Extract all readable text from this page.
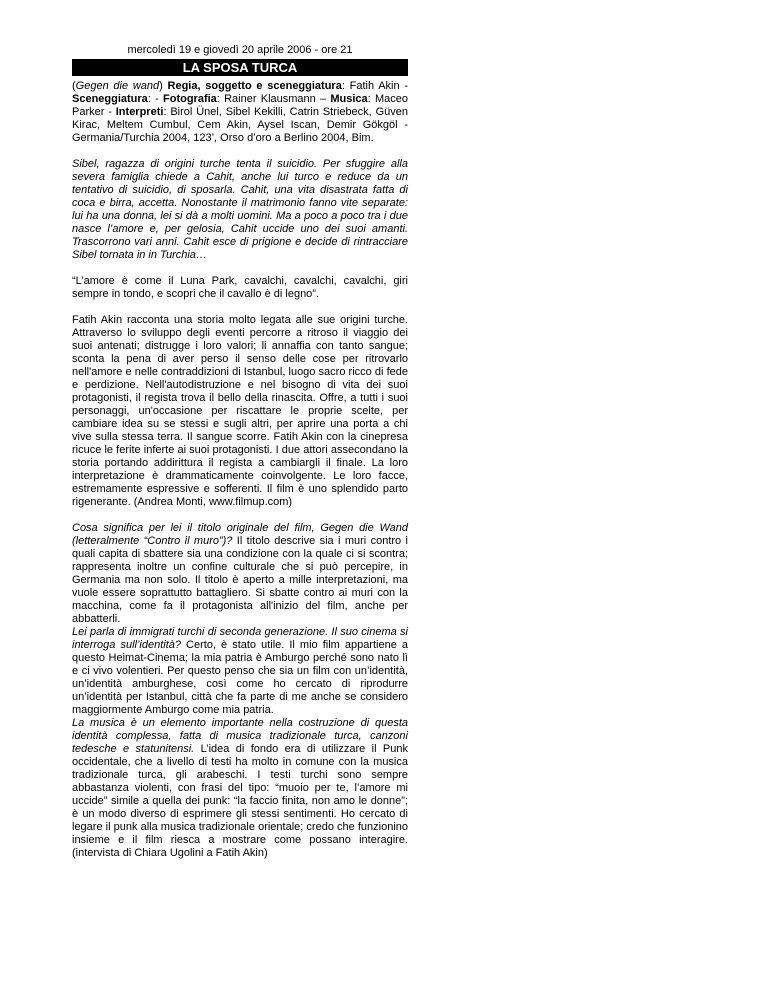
mercoledì 19 e giovedì 20 aprile 2006 - ore 21
LA SPOSA TURCA

(Gegen die wand) Regia, soggetto e sceneggiatura: Fatih Akin - Sceneggiatura: - Fotografia: Rainer Klausmann – Musica: Maceo Parker - Interpreti: Birol Ünel, Sibel Kekilli, Catrin Striebeck, Güven Kirac, Meltem Cumbul, Cem Akin, Aysel Iscan, Demir Gökgöl - Germania/Turchia 2004, 123’, Orso d’oro a Berlino 2004, Bim.

Sibel, ragazza di origini turche tenta il suicidio. Per sfuggire alla severa famiglia chiede a Cahit, anche lui turco e reduce da un tentativo di suicidio, di sposarla. Cahit, una vita disastrata fatta di coca e birra, accetta. Nonostante il matrimonio fanno vite separate: lui ha una donna, lei si dà a molti uomini. Ma a poco a poco tra i due nasce l’amore e, per gelosia, Cahit uccide uno dei suoi amanti. Trascorrono vari anni. Cahit esce di prigione e decide di rintracciare Sibel tornata in in Turchia…

“L’amore è come il Luna Park, cavalchi, cavalchi, cavalchi, giri sempre in tondo, e scopri che il cavallo è di legno”.

Fatih Akin racconta una storia molto legata alle sue origini turche. Attraverso lo sviluppo degli eventi percorre a ritroso il viaggio dei suoi antenati; distrugge i loro valori; li annaffia con tanto sangue; sconta la pena di aver perso il senso delle cose per ritrovarlo nell'amore e nelle contraddizioni di Istanbul, luogo sacro ricco di fede e perdizione. Nell'autodistruzione e nel bisogno di vita dei suoi protagonisti, il regista trova il bello della rinascita. Offre, a tutti i suoi personaggi, un'occasione per riscattare le proprie scelte, per cambiare idea su se stessi e sugli altri, per aprire una porta a chi vive sulla stessa terra. Il sangue scorre. Fatih Akin con la cinepresa ricuce le ferite inferte ai suoi protagonisti. I due attori assecondano la storia portando addirittura il regista a cambiargli il finale. La loro interpretazione è drammaticamente coinvolgente. Le loro facce, estremamente espressive e sofferenti. Il film è uno splendido parto rigenerante. (Andrea Monti, www.filmup.com)

Cosa significa per lei il titolo originale del film, Gegen die Wand (letteralmente “Contro il muro”)? Il titolo descrive sia i muri contro i quali capita di sbattere sia una condizione con la quale ci si scontra; rappresenta inoltre un confine culturale che si può percepire, in Germania ma non solo. Il titolo è aperto a mille interpretazioni, ma vuole essere soprattutto battagliero. Si sbatte contro ai muri con la macchina, come fa il protagonista all'inizio del film, anche per abbatterli.

Lei parla di immigrati turchi di seconda generazione. Il suo cinema si interroga sull’identità? Certo, è stato utile. Il mio film appartiene a questo Heimat-Cinema; la mia patria è Amburgo perché sono nato lì e ci vivo volentieri. Per questo penso che sia un film con un’identità, un’identità amburghese, così come ho cercato di riprodurre un’identità per Istanbul, città che fa parte di me anche se considero maggiormente Amburgo come mia patria.

La musica è un elemento importante nella costruzione di questa identità complessa, fatta di musica tradizionale turca, canzoni tedesche e statunitensi. L’idea di fondo era di utilizzare il Punk occidentale, che a livello di testi ha molto in comune con la musica tradizionale turca, gli arabeschi. I testi turchi sono sempre abbastanza violenti, con frasi del tipo: “muoio per te, l’amore mi uccide” simile a quella dei punk: “la faccio finita, non amo le donne”; è un modo diverso di esprimere gli stessi sentimenti. Ho cercato di legare il punk alla musica tradizionale orientale; credo che funzionino insieme e il film riesca a mostrare come possano interagire. (intervista di Chiara Ugolini a Fatih Akin)
